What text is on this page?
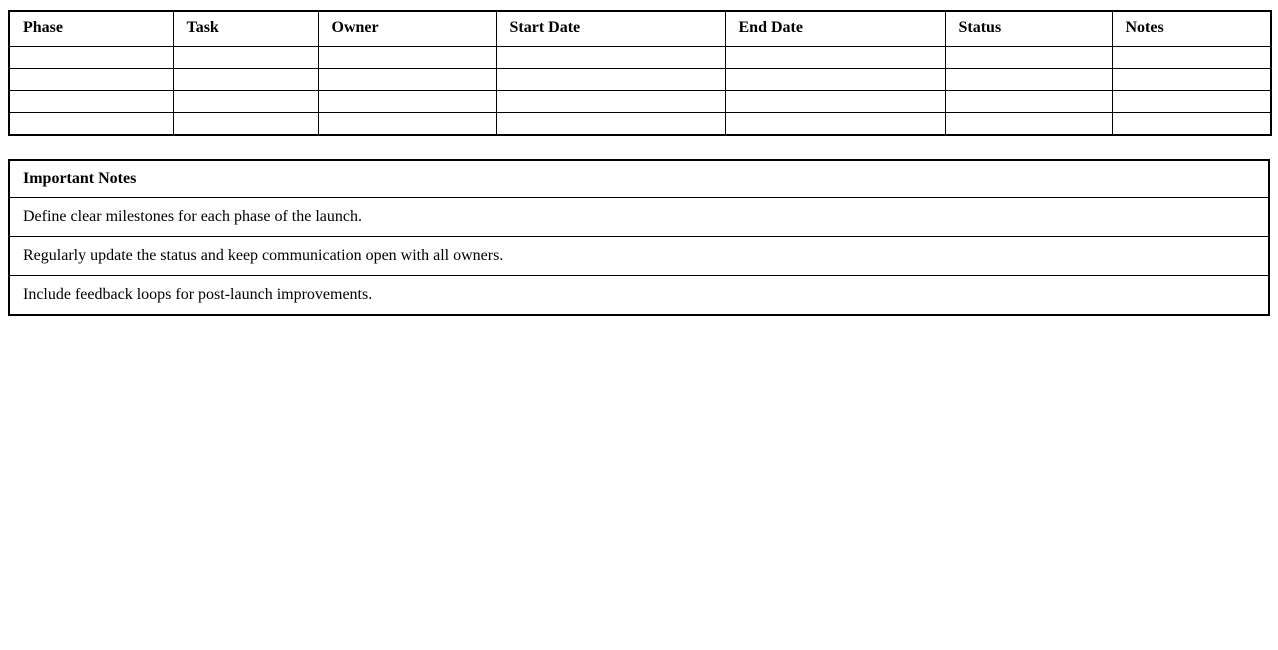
Phase	Task	Owner	Start Date	End Date	Status	Notes

Important Notes
Define clear milestones for each phase of the launch.
Regularly update the status and keep communication open with all owners.
Include feedback loops for post-launch improvements.
